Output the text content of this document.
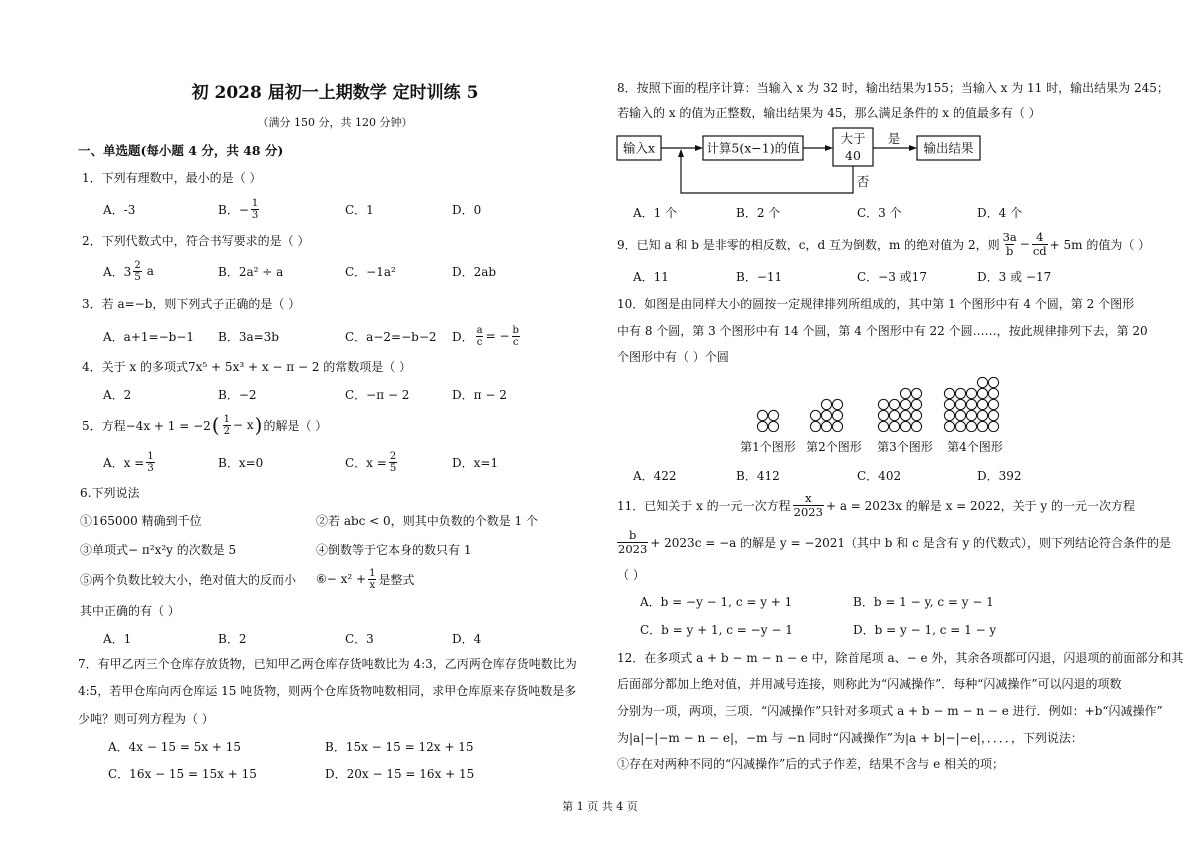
初 2028 届初一上期数学 定时训练 5
（满分 150 分，共 120 分钟）
一、单选题(每小题 4 分，共 48 分)
1．下列有理数中，最小的是（ ）
A．-3	B．− $\frac{1}{3}$	C．1	D．0
2．下列代数式中，符合书写要求的是（ ）
A．$3 \frac{2}{5}$ a	B．2a² ÷ a	C．−1a²	D．2ab
3．若 a=−b，则下列式子正确的是（ ）
A．a+1=−b−1 B．3a=3b	C．a−2=−b−2 D． $\frac{a}{c}$ = − $\frac{b}{c}$
4．关于 x 的多项式7x⁵ + 5x³ + x − π − 2 的常数项是（ ）
A．2	B．−2	C．−π − 2	D．π − 2
5．方程−4x + 1 = −2 ( $\frac{1}{2} - x$ ) 的解是（ ）
A．$x = \frac{1}{3}$	B．x=0	C．$x = \frac{2}{5}$	D．x=1
6.下列说法
①165000 精确到千位	②若 abc < 0，则其中负数的个数是 1 个
③单项式− π²x²y 的次数是 5	④倒数等于它本身的数只有 1
⑤两个负数比较大小，绝对值大的反而小 ⑥− $x^2 + \frac{1}{x}$ 是整式
其中正确的有（ ）
A．1	B．2	C．3	D．4
7．有甲乙丙三个仓库存放货物，已知甲乙两仓库存货吨数比为 4:3，乙丙两仓库存货吨数比为
4:5，若甲仓库向丙仓库运 15 吨货物，则两个仓库货物吨数相同，求甲仓库原来存货吨数是多
少吨？则可列方程为（ ）
A．4x − 15 = 5x + 15	B．15x − 15 = 12x + 15
C．16x − 15 = 15x + 15	D．20x − 15 = 16x + 15
第 1 页 共 4 页
8．按照下面的程序计算：当输入 x 为 32 时，输出结果为155；当输入 x 为 11 时，输出结果为 245；
若输入的 x 的值为正整数，输出结果为 45，那么满足条件的 x 的值最多有（ ）
输入x	计算5(x−1)的值
大于
40
是
输出结果
否
A．1 个	B．2 个	C．3 个	D．4 个
9．已知 a 和 b 是非零的相反数，c，d 互为倒数，m 的绝对值为 2，则 $\frac{3a}{b} - \frac{4}{cd} + 5m$ 的值为（ ）
A．11	B．−11	C．−3 或17	D．3 或 −17
10．如图是由同样大小的圆按一定规律排列所组成的，其中第 1 个图形中有 4 个圆，第 2 个图形
中有 8 个圆，第 3 个图形中有 14 个圆，第 4 个图形中有 22 个圆……，按此规律排列下去，第 20
个图形中有（ ）个圆
第1个图形 第2个图形	第3个图形	第4个图形
A．422	B．412	C．402	D．392
11．已知关于 x 的一元一次方程 $\frac{x}{2023} + a = 2023x$ 的解是 x = 2022，关于 y 的一元一次方程
$\frac{b}{2023} + 2023c = -a$ 的解是 y = −2021（其中 b 和 c 是含有 y 的代数式），则下列结论符合条件的是
（ ）
A．b = −y − 1, c = y + 1	B．b = 1 − y, c = y − 1
C．b = y + 1, c = −y − 1	D．b = y − 1, c = 1 − y
12．在多项式 a + b − m − n − e 中，除首尾项 a、− e 外，其余各项都可闪退，闪退项的前面部分和其
后面部分都加上绝对值，并用减号连接，则称此为“闪减操作”．每种“闪减操作”可以闪退的项数
分别为一项，两项，三项．“闪减操作”只针对多项式 a + b − m − n − e 进行．例如：+b“闪减操作”
为|a|−|−m − n − e|，−m 与 −n 同时“闪减操作”为|a + b|−|−e|，．．．．，下列说法：
①存在对两种不同的“闪减操作”后的式子作差，结果不含与 e 相关的项；
